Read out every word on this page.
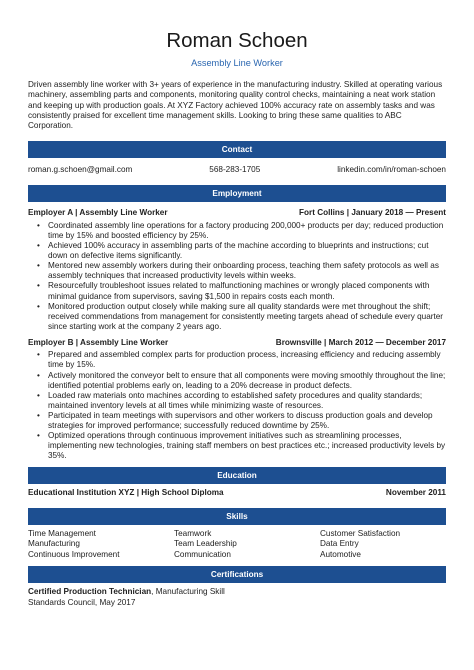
Roman Schoen
Assembly Line Worker

Driven assembly line worker with 3+ years of experience in the manufacturing industry. Skilled at operating various machinery, assembling parts and components, monitoring quality control checks, maintaining a neat work station and keeping up with production goals. At XYZ Factory achieved 100% accuracy rate on assembly tasks and was consistently praised for excellent time management skills. Looking to bring these same qualities to ABC Corporation.

Contact
roman.g.schoen@gmail.com	568-283-1705	linkedin.com/in/roman-schoen
Employment
Employer A | Assembly Line Worker	Fort Collins | January 2018 — Present
• Coordinated assembly line operations for a factory producing 200,000+ products per day; reduced production time by 15% and boosted efficiency by 25%.
• Achieved 100% accuracy in assembling parts of the machine according to blueprints and instructions; cut down on defective items significantly.
• Mentored new assembly workers during their onboarding process, teaching them safety protocols as well as assembly techniques that increased productivity levels within weeks.
• Resourcefully troubleshoot issues related to malfunctioning machines or wrongly placed components with minimal guidance from supervisors, saving $1,500 in repairs costs each month.
• Monitored production output closely while making sure all quality standards were met throughout the shift; received commendations from management for consistently meeting targets ahead of schedule every quarter since starting work at the company 2 years ago.
Employer B | Assembly Line Worker	Brownsville | March 2012 — December 2017
• Prepared and assembled complex parts for production process, increasing efficiency and reducing assembly time by 15%.
• Actively monitored the conveyor belt to ensure that all components were moving smoothly throughout the line; identified potential problems early on, leading to a 20% decrease in product defects.
• Loaded raw materials onto machines according to established safety procedures and quality standards; maintained inventory levels at all times while minimizing waste of resources.
• Participated in team meetings with supervisors and other workers to discuss production goals and develop strategies for improved performance; successfully reduced downtime by 25%.
• Optimized operations through continuous improvement initiatives such as streamlining processes, implementing new technologies, training staff members on best practices etc.; increased productivity levels by 35%.
Education
Educational Institution XYZ | High School Diploma	November 2011
Skills
Time Management	Teamwork	Customer Satisfaction
Manufacturing	Team Leadership	Data Entry
Continuous Improvement	Communication	Automotive
Certifications
Certified Production Technician, Manufacturing Skill
Standards Council, May 2017
